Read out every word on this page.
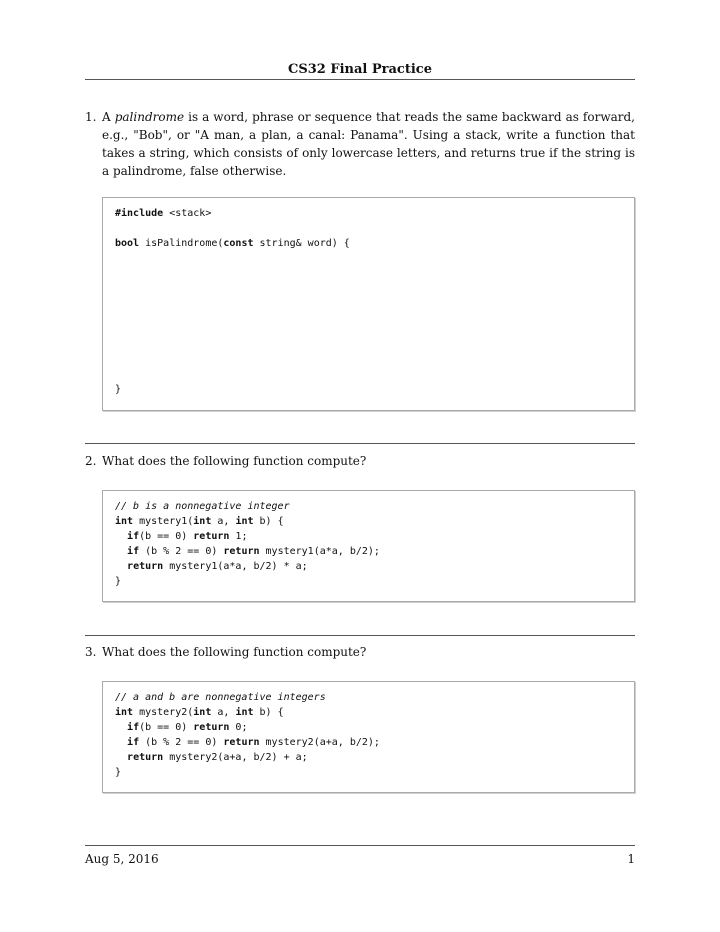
CS32 Final Practice
1. A palindrome is a word, phrase or sequence that reads the same backward as forward, e.g., "Bob", or "A man, a plan, a canal: Panama". Using a stack, write a function that takes a string, which consists of only lowercase letters, and returns true if the string is a palindrome, false otherwise.
#include <stack>
bool isPalindrome(const string& word) {
}
2. What does the following function compute?
// b is a nonnegative integer
int mystery1(int a, int b) {
if(b == 0) return 1;
if (b % 2 == 0) return mystery1(a*a, b/2);
return mystery1(a*a, b/2) * a;
}
3. What does the following function compute?
// a and b are nonnegative integers
int mystery2(int a, int b) {
if(b == 0) return 0;
if (b % 2 == 0) return mystery2(a+a, b/2);
return mystery2(a+a, b/2) + a;
}
Aug 5, 2016	1
